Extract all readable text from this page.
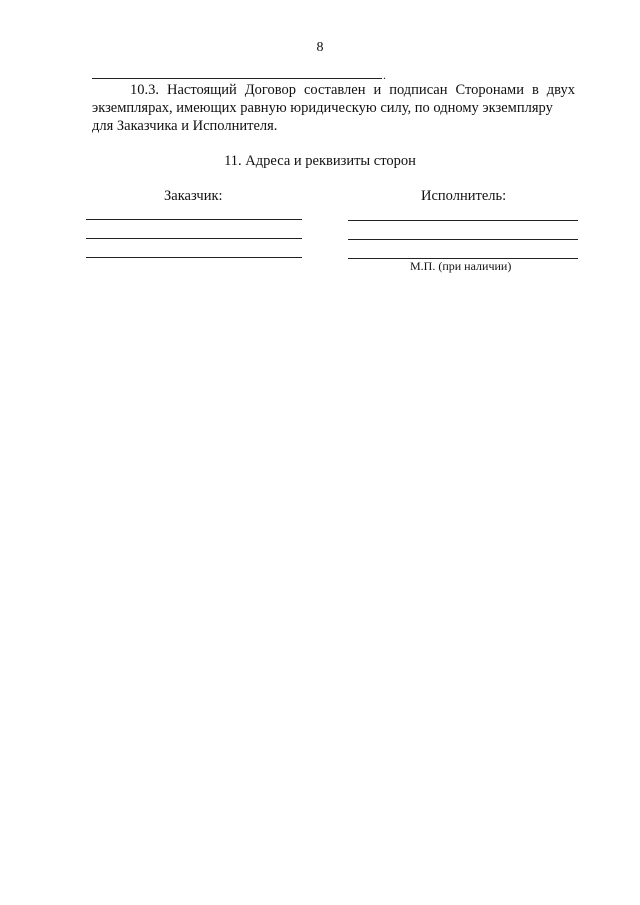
8
.

10.3. Настоящий Договор составлен и подписан Сторонами в двух экземплярах, имеющих равную юридическую силу, по одному экземпляру

для Заказчика и Исполнителя.

11. Адреса и реквизиты сторон
Заказчик:	Исполнитель:
М.П. (при наличии)
